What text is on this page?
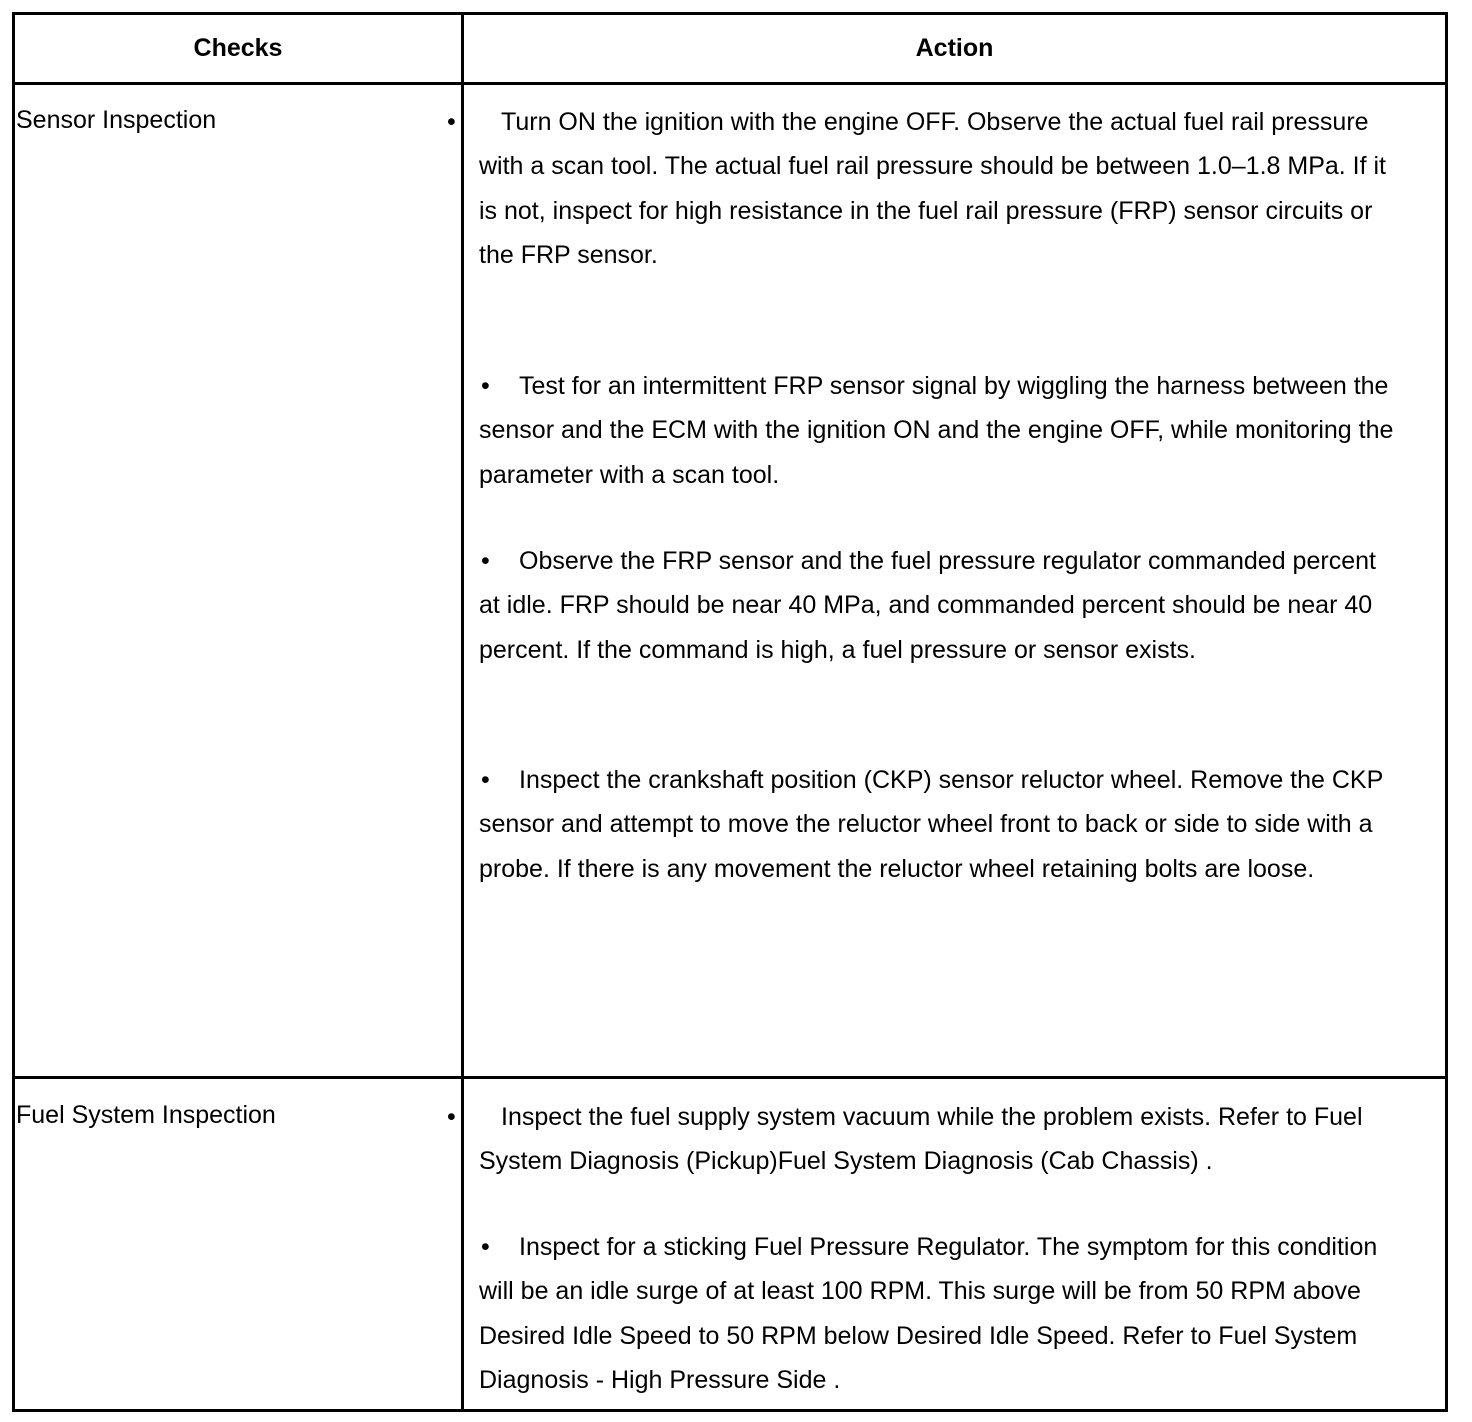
Checks	Action
Sensor Inspection	• Turn ON the ignition with the engine OFF. Observe the actual fuel rail pressure with a scan tool. The actual fuel rail pressure should be between 1.0–1.8 MPa. If it is not, inspect for high resistance in the fuel rail pressure (FRP) sensor circuits or the FRP sensor.
• Test for an intermittent FRP sensor signal by wiggling the harness between the sensor and the ECM with the ignition ON and the engine OFF, while monitoring the parameter with a scan tool.
• Observe the FRP sensor and the fuel pressure regulator commanded percent at idle. FRP should be near 40 MPa, and commanded percent should be near 40 percent. If the command is high, a fuel pressure or sensor exists.
• Inspect the crankshaft position (CKP) sensor reluctor wheel. Remove the CKP sensor and attempt to move the reluctor wheel front to back or side to side with a probe. If there is any movement the reluctor wheel retaining bolts are loose.
Fuel System Inspection	• Inspect the fuel supply system vacuum while the problem exists. Refer to Fuel System Diagnosis (Pickup)Fuel System Diagnosis (Cab Chassis) .
• Inspect for a sticking Fuel Pressure Regulator. The symptom for this condition will be an idle surge of at least 100 RPM. This surge will be from 50 RPM above Desired Idle Speed to 50 RPM below Desired Idle Speed. Refer to Fuel System Diagnosis - High Pressure Side .
